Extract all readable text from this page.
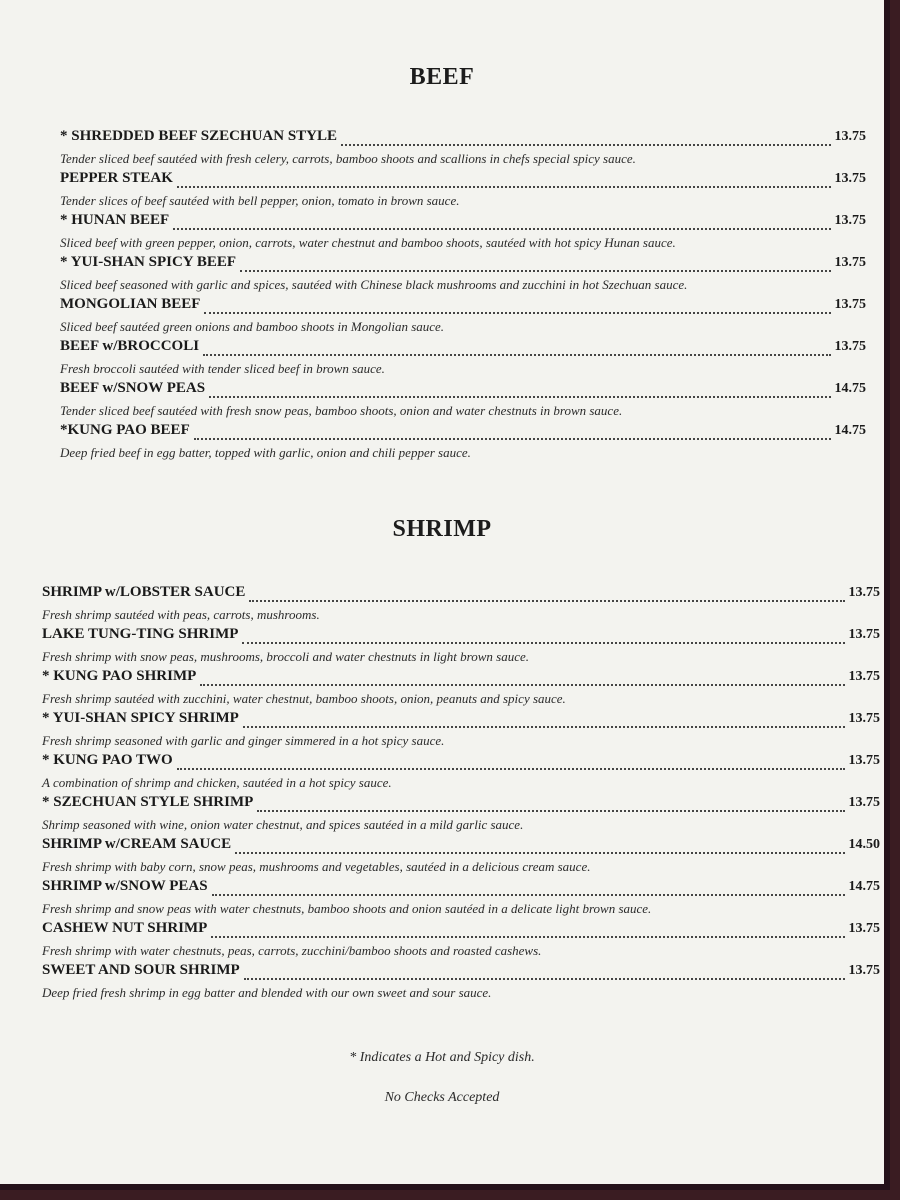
BEEF
* SHREDDED BEEF SZECHUAN STYLE	13.75
Tender sliced beef sautéed with fresh celery, carrots, bamboo shoots and scallions in chefs special spicy sauce.
PEPPER STEAK	13.75
Tender slices of beef sautéed with bell pepper, onion, tomato in brown sauce.
* HUNAN BEEF	13.75
Sliced beef with green pepper, onion, carrots, water chestnut and bamboo shoots, sautéed with hot spicy Hunan sauce.
* YUI-SHAN SPICY BEEF	13.75
Sliced beef seasoned with garlic and spices, sautéed with Chinese black mushrooms and zucchini in hot Szechuan sauce.
MONGOLIAN BEEF	13.75
Sliced beef sautéed green onions and bamboo shoots in Mongolian sauce.
BEEF w/BROCCOLI	13.75
Fresh broccoli sautéed with tender sliced beef in brown sauce.
BEEF w/SNOW PEAS	14.75
Tender sliced beef sautéed with fresh snow peas, bamboo shoots, onion and water chestnuts in brown sauce.
*KUNG PAO BEEF	14.75
Deep fried beef in egg batter, topped with garlic, onion and chili pepper sauce.
SHRIMP
SHRIMP w/LOBSTER SAUCE	13.75
Fresh shrimp sautéed with peas, carrots, mushrooms.
LAKE TUNG-TING SHRIMP	13.75
Fresh shrimp with snow peas, mushrooms, broccoli and water chestnuts in light brown sauce.
* KUNG PAO SHRIMP	13.75
Fresh shrimp sautéed with zucchini, water chestnut, bamboo shoots, onion, peanuts and spicy sauce.
* YUI-SHAN SPICY SHRIMP	13.75
Fresh shrimp seasoned with garlic and ginger simmered in a hot spicy sauce.
* KUNG PAO TWO	13.75
A combination of shrimp and chicken, sautéed in a hot spicy sauce.
* SZECHUAN STYLE SHRIMP	13.75
Shrimp seasoned with wine, onion water chestnut, and spices sautéed in a mild garlic sauce.
SHRIMP w/CREAM SAUCE	14.50
Fresh shrimp with baby corn, snow peas, mushrooms and vegetables, sautéed in a delicious cream sauce.
SHRIMP w/SNOW PEAS	14.75
Fresh shrimp and snow peas with water chestnuts, bamboo shoots and onion sautéed in a delicate light brown sauce.
CASHEW NUT SHRIMP	13.75
Fresh shrimp with water chestnuts, peas, carrots, zucchini/bamboo shoots and roasted cashews.
SWEET AND SOUR SHRIMP	13.75
Deep fried fresh shrimp in egg batter and blended with our own sweet and sour sauce.
* Indicates a Hot and Spicy dish.
No Checks Accepted
